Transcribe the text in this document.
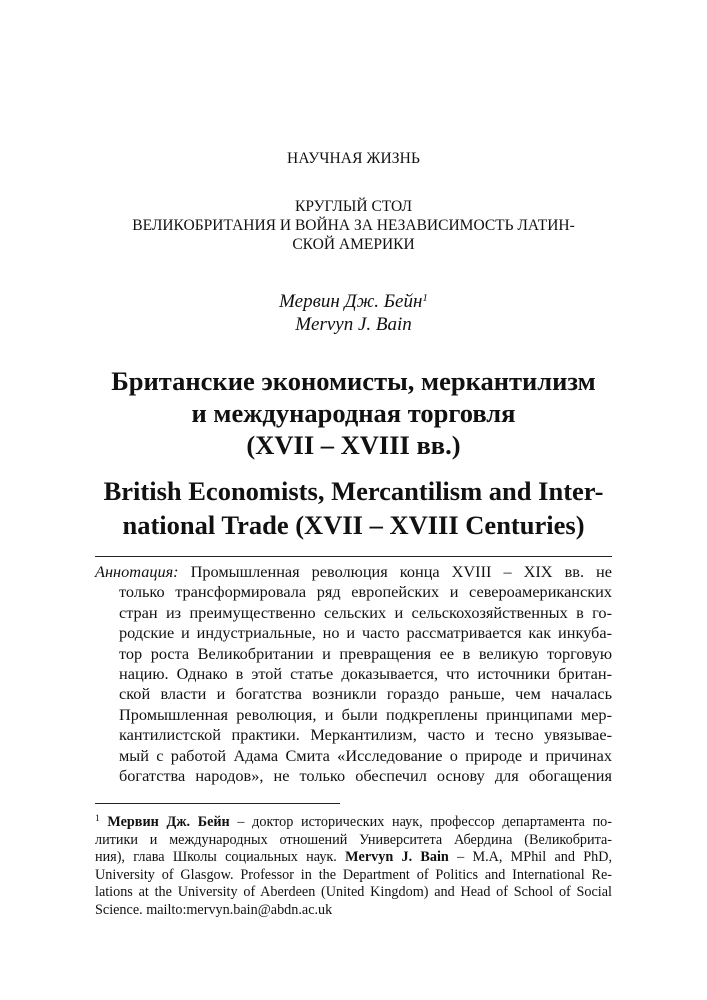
НАУЧНАЯ ЖИЗНЬ
КРУГЛЫЙ СТОЛ
ВЕЛИКОБРИТАНИЯ И ВОЙНА ЗА НЕЗАВИСИМОСТЬ ЛАТИН-
СКОЙ АМЕРИКИ
Мервин Дж. Бейн$^1$
Mervyn J. Bain
Британские экономисты, меркантилизм
и международная торговля
(XVII – XVIII вв.)
British Economists, Mercantilism and Inter-
national Trade (XVII – XVIII Centuries)
Аннотация: Промышленная революция конца XVIII – XIX вв. не
только трансформировала ряд европейских и североамериканских
стран из преимущественно сельских и сельскохозяйственных в го-
родские и индустриальные, но и часто рассматривается как инкуба-
тор роста Великобритании и превращения ее в великую торговую
нацию. Однако в этой статье доказывается, что источники британ-
ской власти и богатства возникли гораздо раньше, чем началась
Промышленная революция, и были подкреплены принципами мер-
кантилистской практики. Меркантилизм, часто и тесно увязывае-
мый с работой Адама Смита «Исследование о природе и причинах
богатства народов», не только обеспечил основу для обогащения
$^1$ Мервин Дж. Бейн – доктор исторических наук, профессор департамента по-
литики и международных отношений Университета Абердина (Великобрита-
ния), глава Школы социальных наук. Mervyn J. Bain – M.A, MPhil and PhD,
University of Glasgow. Professor in the Department of Politics and International Re-
lations at the University of Aberdeen (United Kingdom) and Head of School of Social
Science. mailto:mervyn.bain@abdn.ac.uk
